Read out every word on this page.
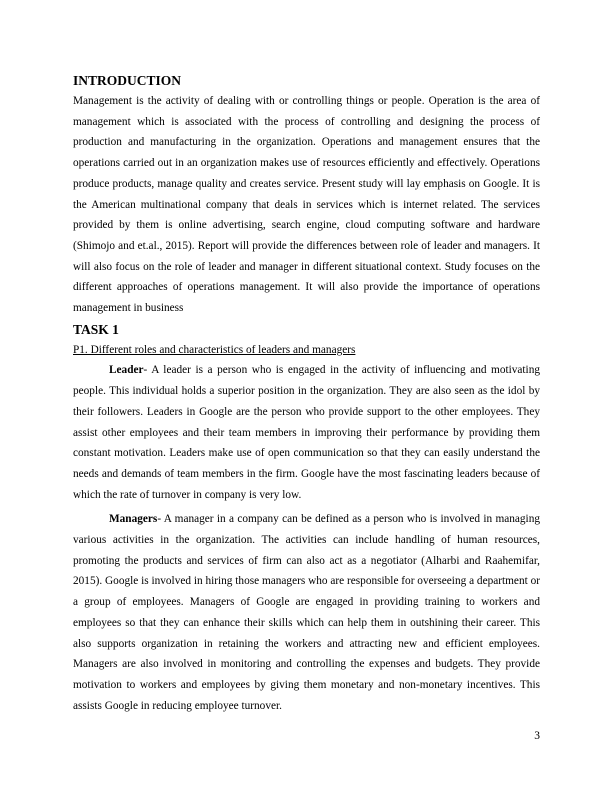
INTRODUCTION

Management is the activity of dealing with or controlling things or people. Operation is the area of management which is associated with the process of controlling and designing the process of production and manufacturing in the organization. Operations and management ensures that the operations carried out in an organization makes use of resources efficiently and effectively. Operations produce products, manage quality and creates service. Present study will lay emphasis on Google. It is the American multinational company that deals in services which is internet related. The services provided by them is online advertising, search engine, cloud computing software and hardware (Shimojo and et.al., 2015). Report will provide the differences between role of leader and managers. It will also focus on the role of leader and manager in different situational context. Study focuses on the different approaches of operations management. It will also provide the importance of operations management in business

TASK 1

P1. Different roles and characteristics of leaders and managers

Leader- A leader is a person who is engaged in the activity of influencing and motivating people. This individual holds a superior position in the organization. They are also seen as the idol by their followers. Leaders in Google are the person who provide support to the other employees. They assist other employees and their team members in improving their performance by providing them constant motivation. Leaders make use of open communication so that they can easily understand the needs and demands of team members in the firm. Google have the most fascinating leaders because of which the rate of turnover in company is very low.

Managers- A manager in a company can be defined as a person who is involved in managing various activities in the organization. The activities can include handling of human resources, promoting the products and services of firm can also act as a negotiator (Alharbi and Raahemifar, 2015). Google is involved in hiring those managers who are responsible for overseeing a department or a group of employees. Managers of Google are engaged in providing training to workers and employees so that they can enhance their skills which can help them in outshining their career. This also supports organization in retaining the workers and attracting new and efficient employees. Managers are also involved in monitoring and controlling the expenses and budgets. They provide motivation to workers and employees by giving them monetary and non-monetary incentives. This assists Google in reducing employee turnover.

3
